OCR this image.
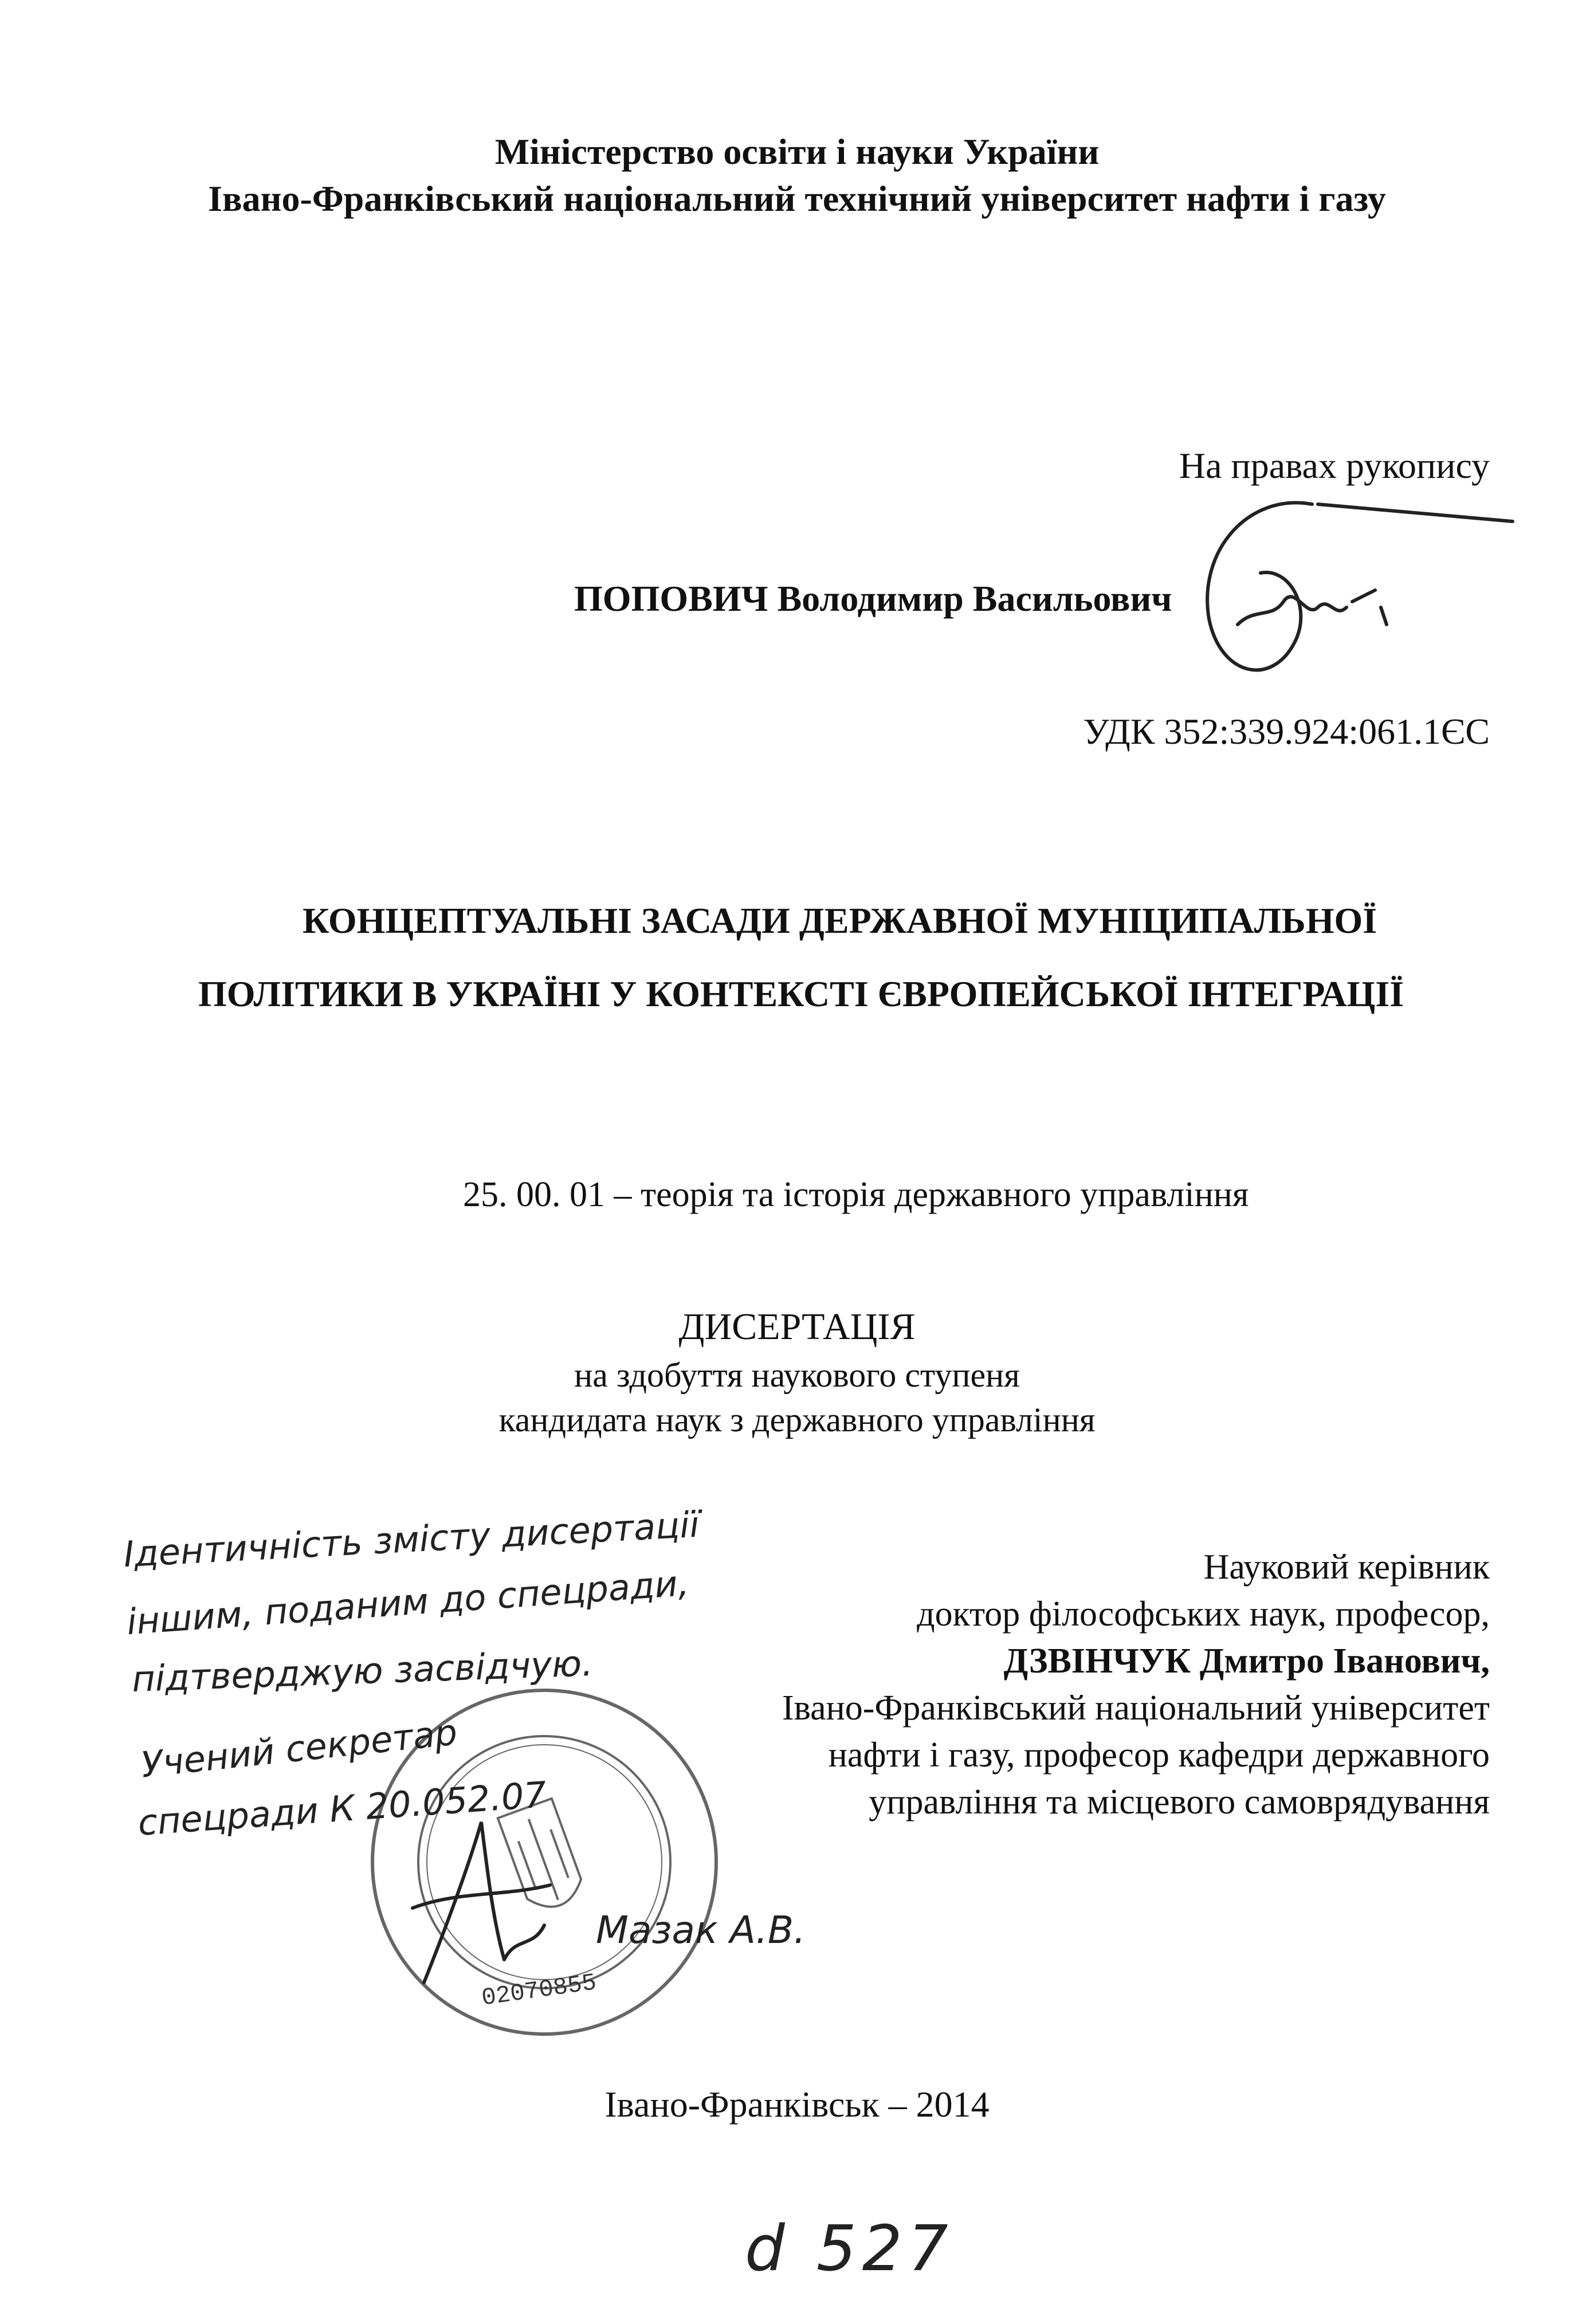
Міністерство освіти і науки України
Івано-Франківський національний технічний університет нафти і газу
На правах рукопису
ПОПОВИЧ Володимир Васильович
УДК 352:339.924:061.1ЄС
КОНЦЕПТУАЛЬНІ ЗАСАДИ ДЕРЖАВНОЇ МУНІЦИПАЛЬНОЇ
ПОЛІТИКИ В УКРАЇНІ У КОНТЕКСТІ ЄВРОПЕЙСЬКОЇ ІНТЕГРАЦІЇ
25. 00. 01 – теорія та історія державного управління
ДИСЕРТАЦІЯ
на здобуття наукового ступеня
кандидата наук з державного управління
Науковий керівник
доктор філософських наук, професор,
ДЗВІНЧУК Дмитро Іванович,
Івано-Франківський національний університет
нафти і газу, професор кафедри державного
управління та місцевого самоврядування
Івано-Франківськ – 2014
02070855
Ідентичність змісту дисертації
іншим, поданим до спецради,
підтверджую засвідчую.
Учений секретар
спецради К 20.052.07
Мазак А.В.
d 527
